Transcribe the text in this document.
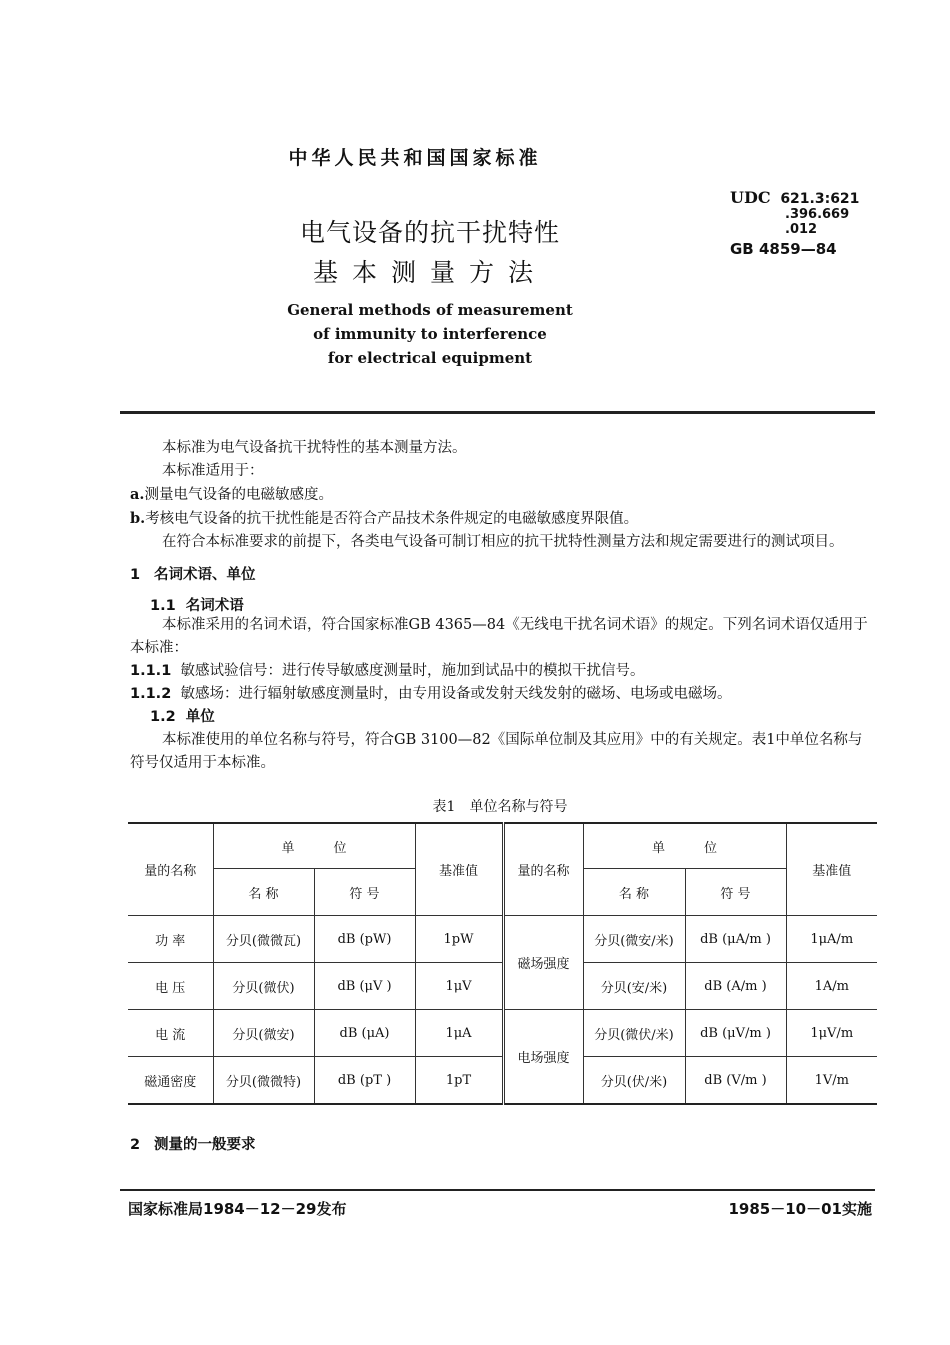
中华人民共和国国家标准
电气设备的抗干扰特性
基本测量方法
General methods of measurement
of immunity to interference
for electrical equipment
UDC 621.3:621
.396.669
.012
GB 4859—84
本标准为电气设备抗干扰特性的基本测量方法。
本标准适用于：
a.测量电气设备的电磁敏感度。
b.考核电气设备的抗干扰性能是否符合产品技术条件规定的电磁敏感度界限值。
在符合本标准要求的前提下，各类电气设备可制订相应的抗干扰特性测量方法和规定需要进行的测试项目。
1 名词术语、单位
1.1 名词术语
本标准采用的名词术语，符合国家标准GB 4365—84《无线电干扰名词术语》的规定。下列名词术语仅适用于本标准：
1.1.1 敏感试验信号：进行传导敏感度测量时，施加到试品中的模拟干扰信号。
1.1.2 敏感场：进行辐射敏感度测量时，由专用设备或发射天线发射的磁场、电场或电磁场。
1.2 单位
本标准使用的单位名称与符号，符合GB 3100—82《国际单位制及其应用》中的有关规定。表1中单位名称与符号仅适用于本标准。
表1　单位名称与符号
量的名称	单　　　位		基准值	量的名称	单　　　位		基准值
	名 称	符 号			名 称	符 号	
功 率	分贝(微微瓦)	dB (pW)	1pW	磁场强度	分贝(微安/米)	dB (μA/m )	1μA/m
电 压	分贝(微伏)	dB (μV )	1μV		分贝(安/米)	dB (A/m )	1A/m
电 流	分贝(微安)	dB (μA)	1μA	电场强度	分贝(微伏/米)	dB (μV/m )	1μV/m
磁通密度	分贝(微微特)	dB (pT )	1pT		分贝(伏/米)	dB (V/m )	1V/m
2 测量的一般要求
国家标准局1984－12－29发布	1985－10－01实施
